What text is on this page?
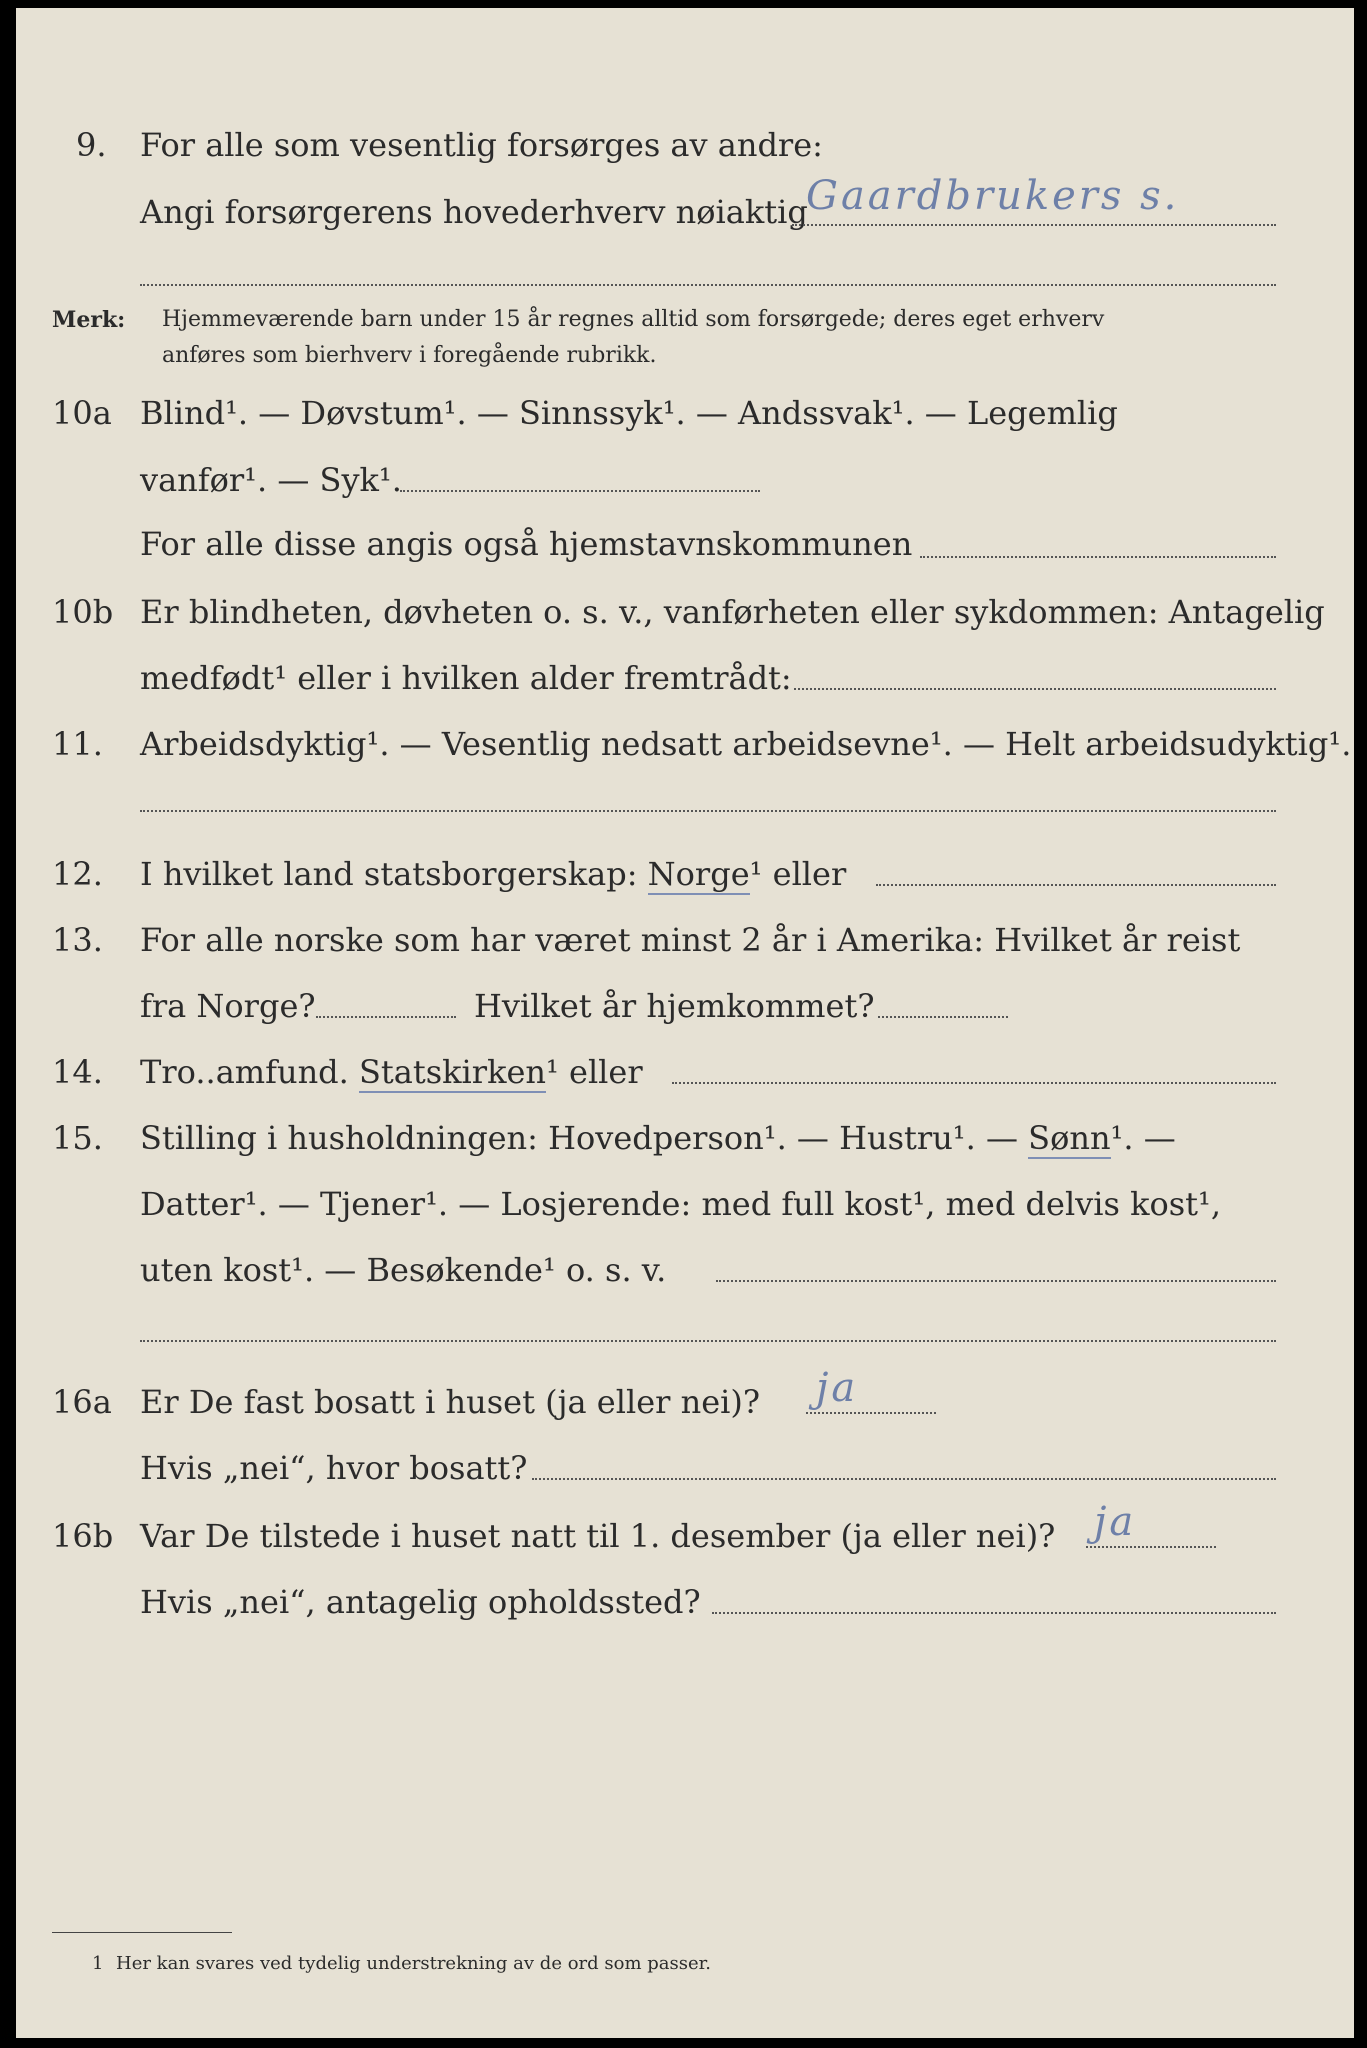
9. For alle som vesentlig forsørges av andre:
Angi forsørgerens hovederhverv nøiaktig
Gaardbrukers s.
Merk: Hjemmeværende barn under 15 år regnes alltid som forsørgede; deres eget erhverv
anføres som bierhverv i foregående rubrikk.
10a Blind¹. — Døvstum¹. — Sinnssyk¹. — Andssvak¹. — Legemlig
vanfør¹. — Syk¹.
For alle disse angis også hjemstavnskommunen
10b Er blindheten, døvheten o. s. v., vanførheten eller sykdommen: Antagelig
medfødt¹ eller i hvilken alder fremtrådt:
11. Arbeidsdyktig¹. — Vesentlig nedsatt arbeidsevne¹. — Helt arbeidsudyktig¹.
12. I hvilket land statsborgerskap: Norge¹ eller
13. For alle norske som har været minst 2 år i Amerika: Hvilket år reist
fra Norge?	Hvilket år hjemkommet?
14. Tro..amfund. Statskirken¹ eller
15. Stilling i husholdningen: Hovedperson¹. — Hustru¹. — Sønn¹. —
Datter¹. — Tjener¹. — Losjerende: med full kost¹, med delvis kost¹,
uten kost¹. — Besøkende¹ o. s. v.
16a Er De fast bosatt i huset (ja eller nei)? ja
Hvis „nei“, hvor bosatt?
16b Var De tilstede i huset natt til 1. desember (ja eller nei)? ja
Hvis „nei“, antagelig opholdssted?
1 Her kan svares ved tydelig understrekning av de ord som passer.
